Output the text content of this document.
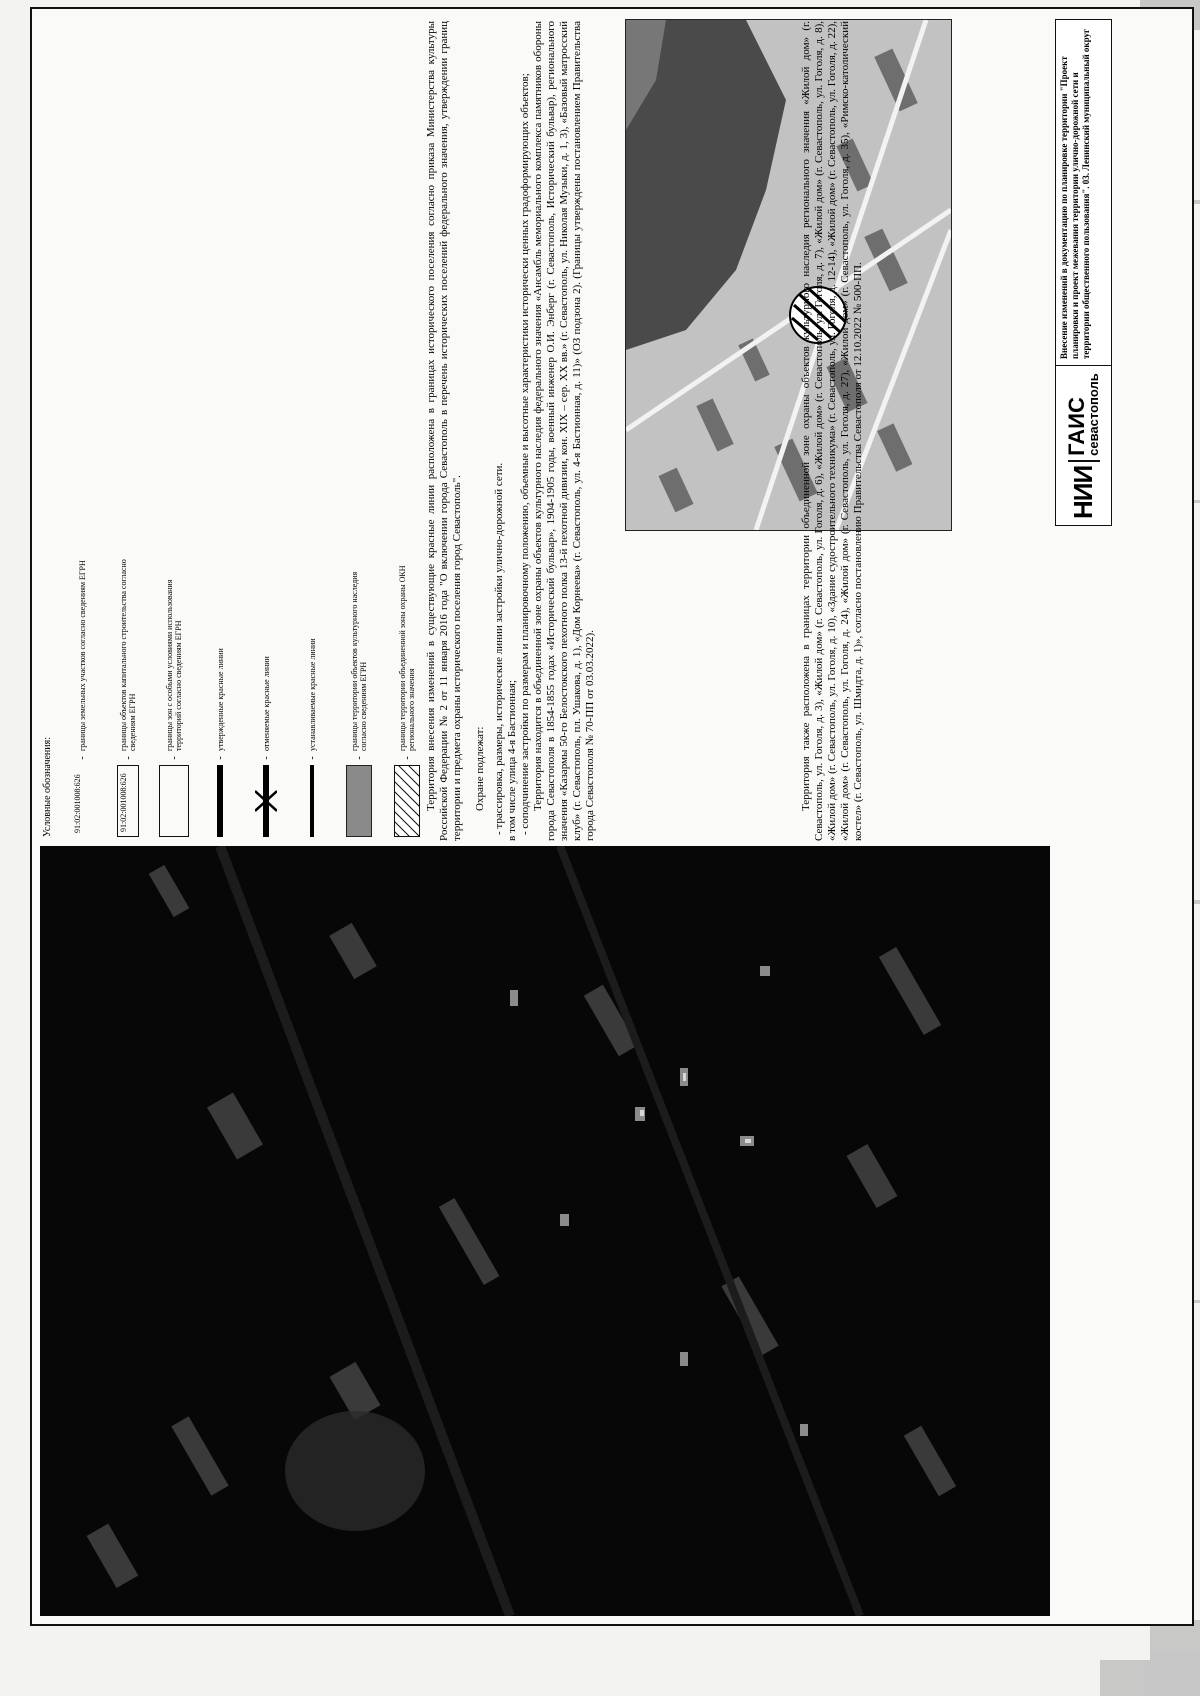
Условные обозначения:	91:02:001008:626
-
границы земельных участков согласно сведениям ЕГРН
91:02:001008:626
-
границы объектов капитального строительства согласно сведениям ЕГРН
-
границы зон с особыми условиями использования территорий согласно сведениям ЕГРН
-
утвержденные красные линии
-
отменяемые красные линии
-
устанавливаемые красные линии
-
границы территории объектов культурного наследия согласно сведениям ЕГРН
-
границы территории объединенной зоны охраны ОКН регионального значения Территория внесения изменений в существующие красные линии расположена в границах исторического поселения согласно приказа Министерства культуры Российской Федерации № 2 от 11 января 2016 года "О включении города Севастополь в перечень исторических поселений федерального значения, утверждении границ территории и предмета охраны исторического поселения город Севастополь". Охране подлежат: - трассировка, размеры, исторические линии застройки улично-дорожной сети. в том числе улица 4-я Бастионная; - соподчинение застройки по размерам и планировочному положению, объемные и высотные характеристики исторически ценных градоформирующих объектов; Территория находится в объединенной зоне охраны объектов культурного наследия федерального значения «Ансамбль мемориального комплекса памятников обороны города Севастополя в 1854-1855 годах «Исторический бульвар», 1904-1905 годы, военный инженер О.И. Энберг (г. Севастополь, Исторический бульвар), регионального значения «Казармы 50-го Белостокского пехотного полка 13-й пехотной дивизии, кон. XIX – сер. XX вв.» (г. Севастополь, ул. Николая Музыки, д. 1, 3), «Базовый матросский клуб» (г. Севастополь, пл. Ушакова, д. 1), «Дом Корнеева» (г. Севастополь, ул. 4-я Бастионная, д. 11)» (ОЗ подзона 2). (Границы утверждены постановлением Правительства города Севастополя № 70-ПП от 03.03.2022).	Территория также расположена в границах территории объединенной зоне охраны объектов культурного наследия регионального значения «Жилой дом» (г. Севастополь, ул. Гоголя, д. 3), «Жилой дом» (г. Севастополь, ул. Гоголя, д. 6), «Жилой дом» (г. Севастополь, ул. Гоголя, д. 7), «Жилой дом» (г. Севастополь, ул. Гоголя, д. 8), «Жилой дом» (г. Севастополь, ул. Гоголя, д. 10), «Здание судостроительного техникума» (г. Севастополь, ул. Гоголя, д. 12-14), «Жилой дом» (г. Севастополь, ул. Гоголя, д. 22), «Жилой дом» (г. Севастополь, ул. Гоголя, д. 24), «Жилой дом» (г. Севастополь, ул. Гоголя, д. 27), «Жилой дом» (г. Севастополь, ул. Гоголя, д. 35), «Римско-католический костел» (г. Севастополь, ул. Шмидта, д. 1)», согласно постановлению Правительства Севастополя от 12.10.2022 № 500-ПП.	НИИ
ГАИС
севастополь
Внесение изменений в документацию по планировке территории "Проект планировки и проект межевания территории улично-дорожной сети и территории общественного пользования". 03. Ленинский муниципальный округ
